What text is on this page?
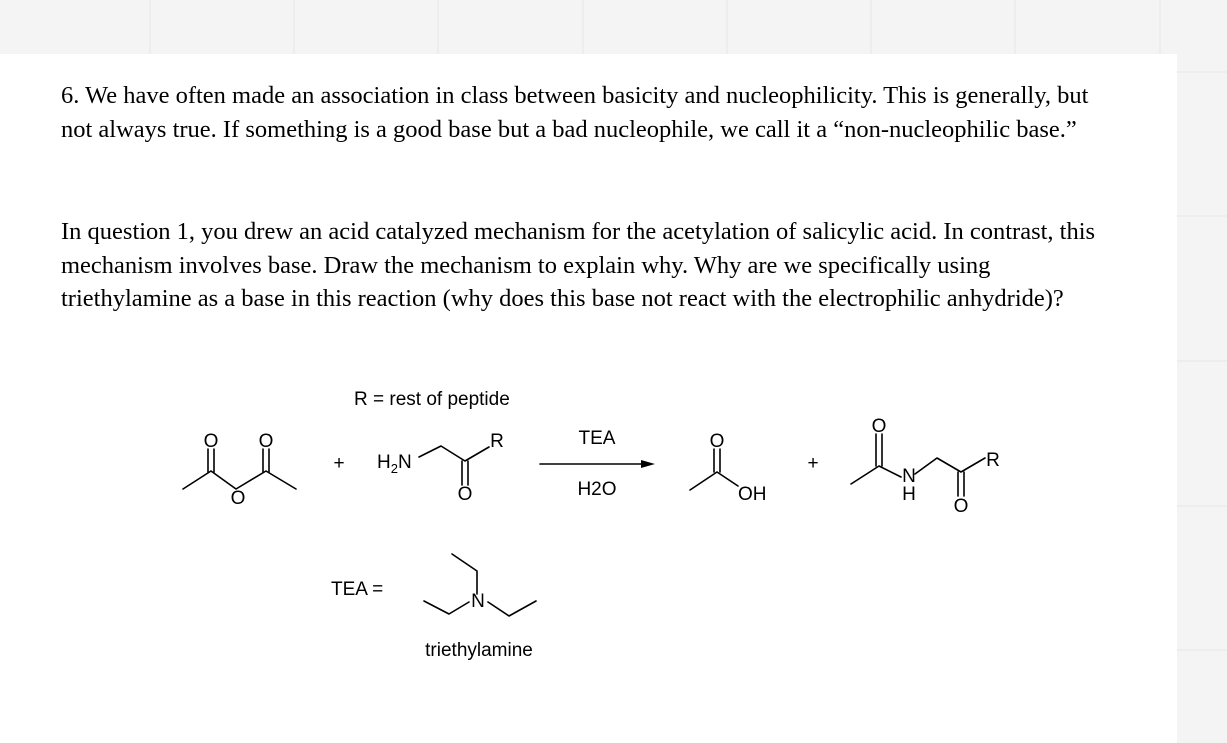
6. We have often made an association in class between basicity and nucleophilicity. This is generally, but not always true. If something is a good base but a bad nucleophile, we call it a “non-nucleophilic base.”

In question 1, you drew an acid catalyzed mechanism for the acetylation of salicylic acid. In contrast, this mechanism involves base. Draw the mechanism to explain why. Why are we specifically using triethylamine as a base in this reaction (why does this base not react with the electrophilic anhydride)?

O O
O
+
R = rest of peptide
$H_2N$
R
O
TEA
H2O
O
OH
+
O
N
H
R
O
TEA =
N
triethylamine
